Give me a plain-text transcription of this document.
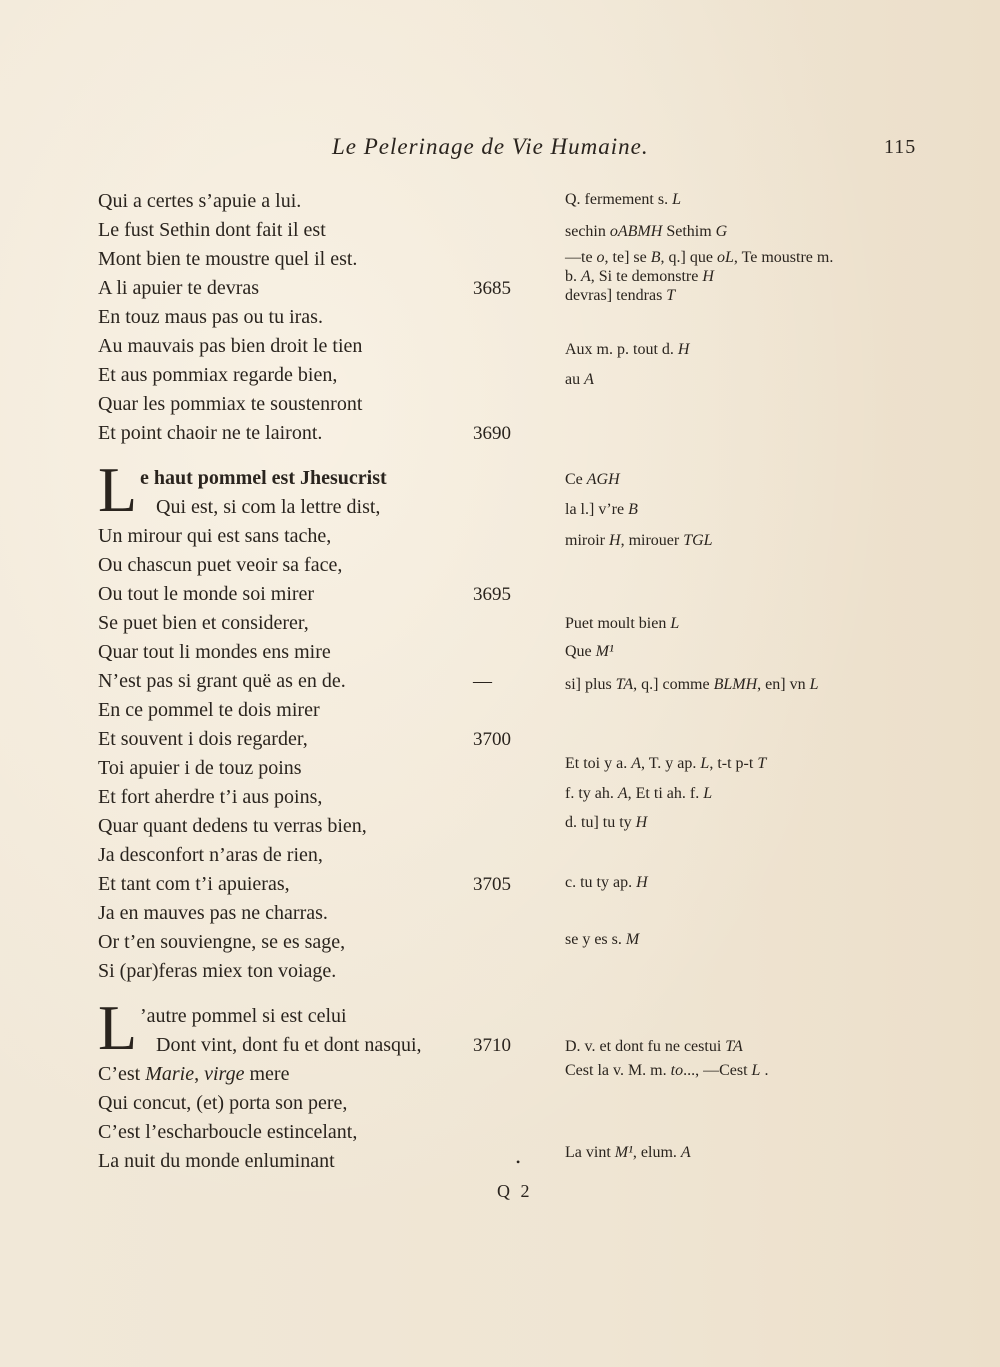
Le Pelerinage de Vie Humaine.	115
Qui a certes s’apuie a lui.
Le fust Sethin dont fait il est
Mont bien te moustre quel il est.
A li apuier te devras	3685
En touz maus pas ou tu iras.
Au mauvais pas bien droit le tien
Et aus pommiax regarde bien,
Quar les pommiax te soustenront
Et point chaoir ne te lairont.	3690
L e haut pommel est Jhesucrist
Qui est, si com la lettre dist,
Un mirour qui est sans tache,
Ou chascun puet veoir sa face,
Ou tout le monde soi mirer	3695
Se puet bien et considerer,
Quar tout li mondes ens mire
N’est pas si grant quë as en de.	—
En ce pommel te dois mirer
Et souvent i dois regarder,	3700
Toi apuier i de touz poins
Et fort aherdre t’i aus poins,
Quar quant dedens tu verras bien,
Ja desconfort n’aras de rien,
Et tant com t’i apuieras,	3705
Ja en mauves pas ne charras.
Or t’en souviengne, se es sage,
Si (par)feras miex ton voiage.
L ’autre pommel si est celui
Dont vint, dont fu et dont nasqui,	3710
C’est Marie, virge mere
Qui concut, (et) porta son pere,
C’est l’escharboucle estincelant,
La nuit du monde enluminant
Q. fermement s. L
sechin oABMH Sethim G
—te o, te] se B, q.] que oL, Te moustre m.
b. A, Si te demonstre H
devras] tendras T
Aux m. p. tout d. H
au A
Ce AGH
la l.] v’re B
miroir H, mirouer TGL
Puet moult bien L
Que M¹
si] plus TA, q.] comme BLMH, en] vn L
Et toi y a. A, T. y ap. L, t-t p-t T
f. ty ah. A, Et ti ah. f. L
d. tu] tu ty H
c. tu ty ap. H
se y es s. M
D. v. et dont fu ne cestui TA
Cest la v. M. m. to..., —Cest L .
La vint M¹, elum. A
•
Q 2
